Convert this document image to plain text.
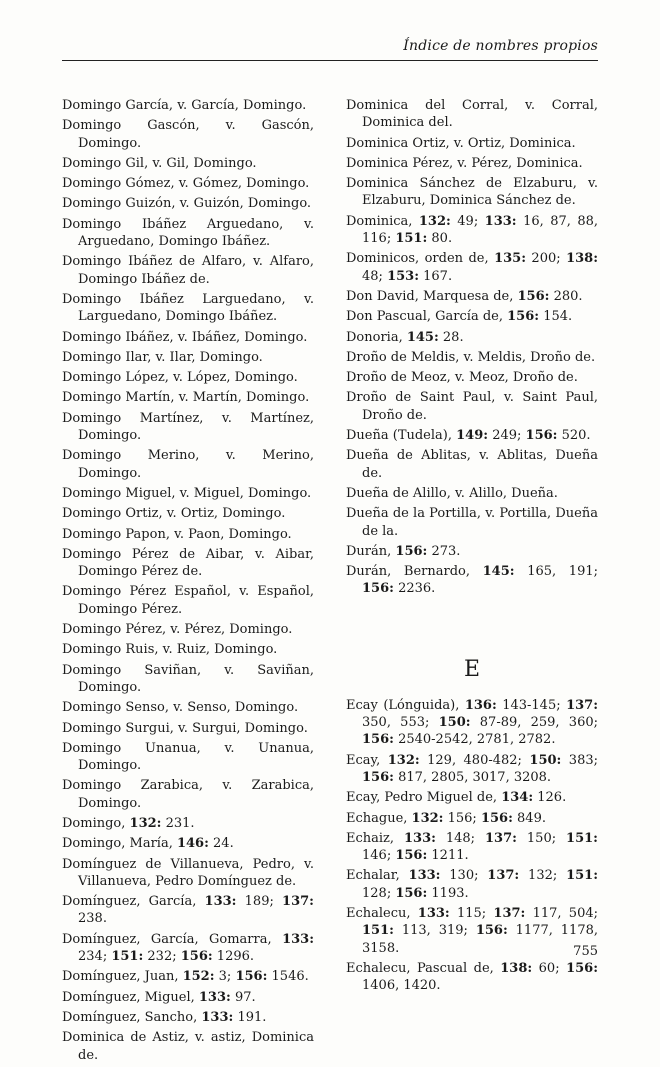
Índice de nombres propios

Domingo García, v. García, Domingo.

Domingo Gascón, v. Gascón, Domingo.

Domingo Gil, v. Gil, Domingo.

Domingo Gómez, v. Gómez, Domingo.

Domingo Guizón, v. Guizón, Domingo.

Domingo Ibáñez Arguedano, v. Arguedano, Domingo Ibáñez.

Domingo Ibáñez de Alfaro, v. Alfaro, Domingo Ibáñez de.

Domingo Ibáñez Larguedano, v. Larguedano, Domingo Ibáñez.

Domingo Ibáñez, v. Ibáñez, Domingo.

Domingo Ilar, v. Ilar, Domingo.

Domingo López, v. López, Domingo.

Domingo Martín, v. Martín, Domingo.

Domingo Martínez, v. Martínez, Domingo.

Domingo Merino, v. Merino, Domingo.

Domingo Miguel, v. Miguel, Domingo.

Domingo Ortiz, v. Ortiz, Domingo.

Domingo Papon, v. Paon, Domingo.

Domingo Pérez de Aibar, v. Aibar, Domingo Pérez de.

Domingo Pérez Español, v. Español, Domingo Pérez.

Domingo Pérez, v. Pérez, Domingo.

Domingo Ruis, v. Ruiz, Domingo.

Domingo Saviñan, v. Saviñan, Domingo.

Domingo Senso, v. Senso, Domingo.

Domingo Surgui, v. Surgui, Domingo.

Domingo Unanua, v. Unanua, Domingo.

Domingo Zarabica, v. Zarabica, Domingo.

Domingo, 132: 231.

Domingo, María, 146: 24.

Domínguez de Villanueva, Pedro, v. Villanueva, Pedro Domínguez de.

Domínguez, García, 133: 189; 137: 238.

Domínguez, García, Gomarra, 133: 234; 151: 232; 156: 1296.

Domínguez, Juan, 152: 3; 156: 1546.

Domínguez, Miguel, 133: 97.

Domínguez, Sancho, 133: 191.

Dominica de Astiz, v. astiz, Dominica de.

Dominica del Corral, v. Corral, Dominica del.

Dominica Ortiz, v. Ortiz, Dominica.

Dominica Pérez, v. Pérez, Dominica.

Dominica Sánchez de Elzaburu, v. Elzaburu, Dominica Sánchez de.

Dominica, 132: 49; 133: 16, 87, 88, 116; 151: 80.

Dominicos, orden de, 135: 200; 138: 48; 153: 167.

Don David, Marquesa de, 156: 280.

Don Pascual, García de, 156: 154.

Donoria, 145: 28.

Droño de Meldis, v. Meldis, Droño de.

Droño de Meoz, v. Meoz, Droño de.

Droño de Saint Paul, v. Saint Paul, Droño de.

Dueña (Tudela), 149: 249; 156: 520.

Dueña de Ablitas, v. Ablitas, Dueña de.

Dueña de Alillo, v. Alillo, Dueña.

Dueña de la Portilla, v. Portilla, Dueña de la.

Durán, 156: 273.

Durán, Bernardo, 145: 165, 191; 156: 2236.

E

Ecay (Lónguida), 136: 143-145; 137: 350, 553; 150: 87-89, 259, 360; 156: 2540-2542, 2781, 2782.

Ecay, 132: 129, 480-482; 150: 383; 156: 817, 2805, 3017, 3208.

Ecay, Pedro Miguel de, 134: 126.

Echague, 132: 156; 156: 849.

Echaiz, 133: 148; 137: 150; 151: 146; 156: 1211.

Echalar, 133: 130; 137: 132; 151: 128; 156: 1193.

Echalecu, 133: 115; 137: 117, 504; 151: 113, 319; 156: 1177, 1178, 3158.

Echalecu, Pascual de, 138: 60; 156: 1406, 1420.

755
